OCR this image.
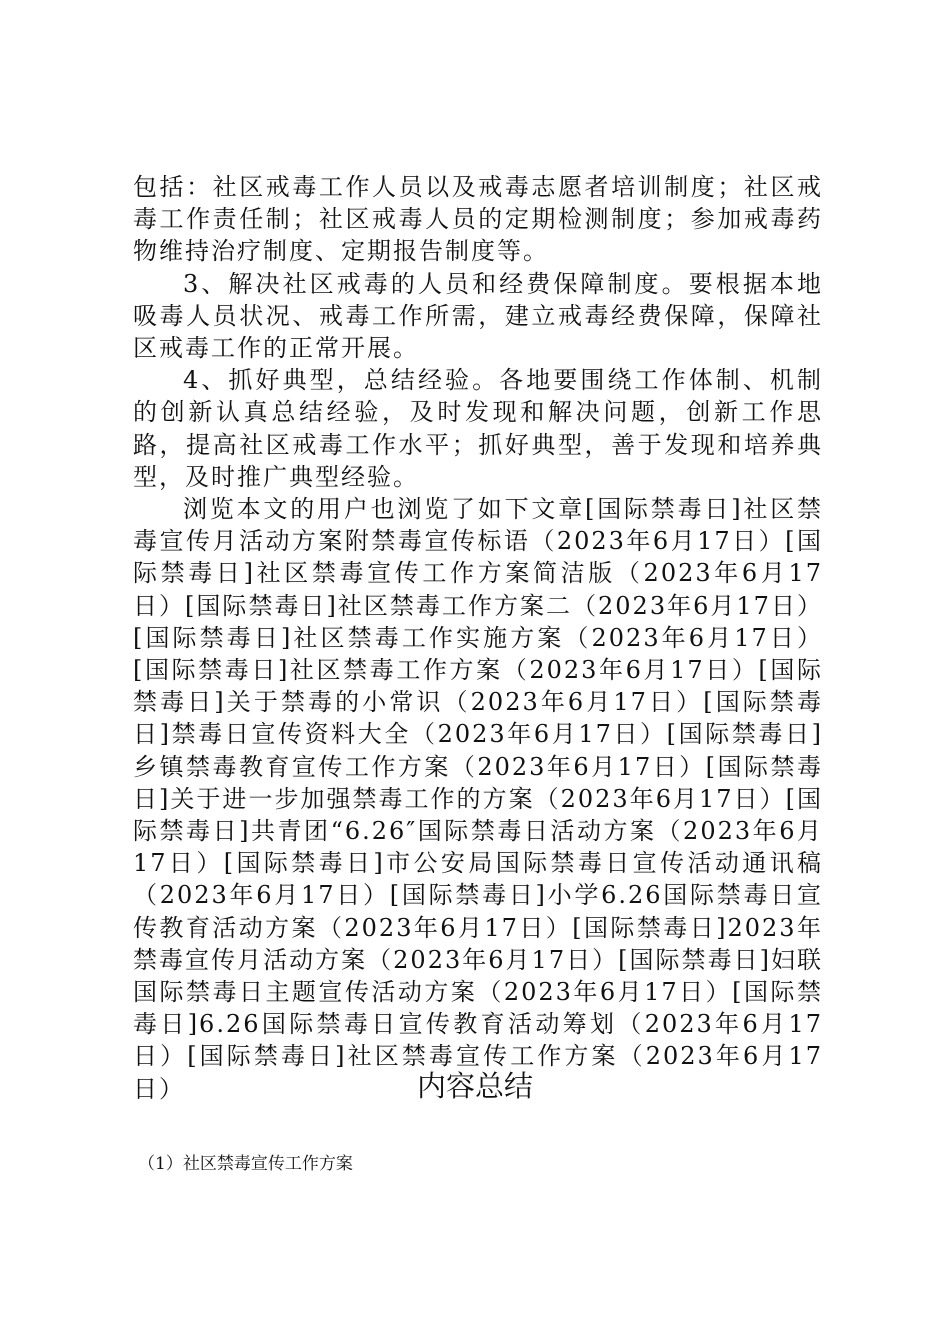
包括：社区戒毒工作人员以及戒毒志愿者培训制度；社区戒毒工作责任制；社区戒毒人员的定期检测制度；参加戒毒药物维持治疗制度、定期报告制度等。

3、解决社区戒毒的人员和经费保障制度。要根据本地吸毒人员状况、戒毒工作所需，建立戒毒经费保障，保障社区戒毒工作的正常开展。

4、抓好典型，总结经验。各地要围绕工作体制、机制的创新认真总结经验，及时发现和解决问题，创新工作思路，提高社区戒毒工作水平；抓好典型，善于发现和培养典型，及时推广典型经验。

浏览本文的用户也浏览了如下文章[国际禁毒日]社区禁毒宣传月活动方案附禁毒宣传标语（2023年6月17日）[国际禁毒日]社区禁毒宣传工作方案简洁版（2023年6月17日）[国际禁毒日]社区禁毒工作方案二（2023年6月17日）[国际禁毒日]社区禁毒工作实施方案（2023年6月17日）[国际禁毒日]社区禁毒工作方案（2023年6月17日）[国际禁毒日]关于禁毒的小常识（2023年6月17日）[国际禁毒日]禁毒日宣传资料大全（2023年6月17日）[国际禁毒日]乡镇禁毒教育宣传工作方案（2023年6月17日）[国际禁毒日]关于进一步加强禁毒工作的方案（2023年6月17日）[国际禁毒日]共青团“6.26″国际禁毒日活动方案（2023年6月17日）[国际禁毒日]市公安局国际禁毒日宣传活动通讯稿（2023年6月17日）[国际禁毒日]小学6.26国际禁毒日宣传教育活动方案（2023年6月17日）[国际禁毒日]2023年禁毒宣传月活动方案（2023年6月17日）[国际禁毒日]妇联国际禁毒日主题宣传活动方案（2023年6月17日）[国际禁毒日]6.26国际禁毒日宣传教育活动筹划（2023年6月17日）[国际禁毒日]社区禁毒宣传工作方案（2023年6月17日）	内容总结

（1）社区禁毒宣传工作方案
